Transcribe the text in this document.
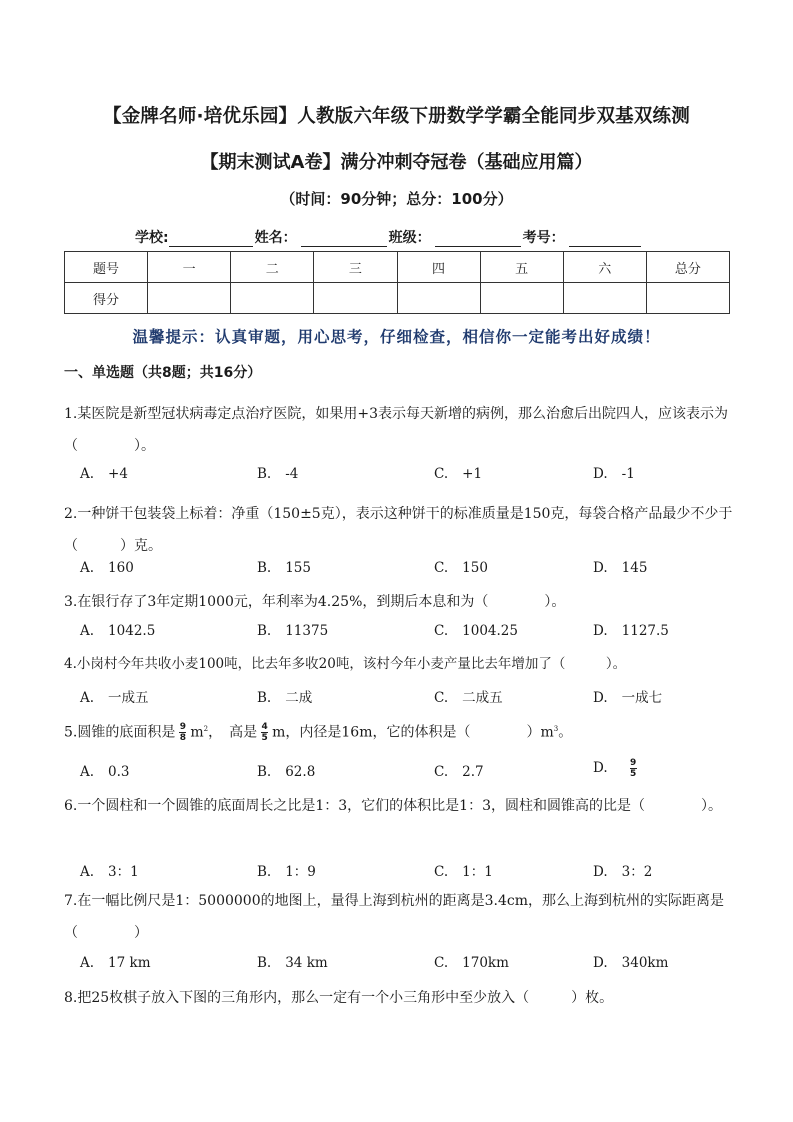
【金牌名师·培优乐园】人教版六年级下册数学学霸全能同步双基双练测
【期末测试A卷】满分冲刺夺冠卷（基础应用篇）
（时间：90分钟；总分：100分）
学校:	姓名：	班级：	考号：
题号	一	二	三	四	五	六	总分
得分							
温馨提示：认真审题，用心思考，仔细检查，相信你一定能考出好成绩！
一、单选题（共8题；共16分）
1.某医院是新型冠状病毒定点治疗医院，如果用+3表示每天新增的病例，那么治愈后出院四人，应该表示为（　　　　）。
A. +4	B. -4	C. +1	D. -1
2.一种饼干包装袋上标着：净重（150±5克），表示这种饼干的标准质量是150克，每袋合格产品最少不少于（　　　）克。
A. 160	B. 155	C. 150	D. 145
3.在银行存了3年定期1000元，年利率为4.25%，到期后本息和为（　　　　）。
A. 1042.5	B. 11375	C. 1004.25	D. 1127.5
4.小岗村今年共收小麦100吨，比去年多收20吨，该村今年小麦产量比去年增加了（　　　）。
A. 一成五	B. 二成	C. 二成五	D. 一成七
5.圆锥的底面积是 $\frac{9}{8} m^2$，　高是 $\frac{4}{5}$ m，内径是16m，它的体积是（　　　　）$m^3$。
A. 0.3	B. 62.8	C. 2.7	D. $\frac{9}{5}$
6.一个圆柱和一个圆锥的底面周长之比是1：3，它们的体积比是1：3，圆柱和圆锥高的比是（　　　　）。
A. 3：1	B. 1：9	C. 1：1	D. 3：2
7.在一幅比例尺是1：5000000的地图上，量得上海到杭州的距离是3.4cm，那么上海到杭州的实际距离是（　　　　）
A. 17 km	B. 34 km	C. 170km	D. 340km
8.把25枚棋子放入下图的三角形内，那么一定有一个小三角形中至少放入（　　　）枚。
